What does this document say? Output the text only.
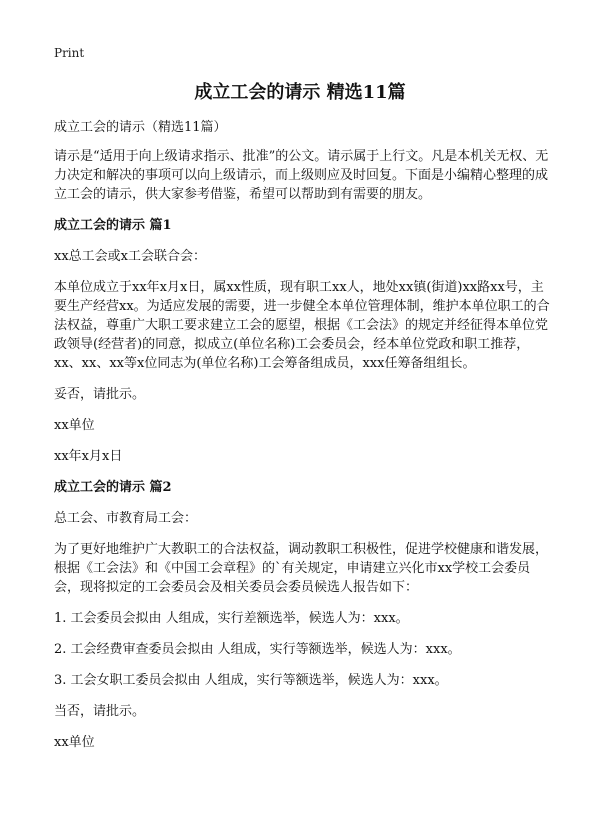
Print
成立工会的请示 精选11篇

成立工会的请示（精选11篇）

请示是“适用于向上级请求指示、批准”的公文。请示属于上行文。凡是本机关无权、无力决定和解决的事项可以向上级请示，而上级则应及时回复。下面是小编精心整理的成立工会的请示，供大家参考借鉴，希望可以帮助到有需要的朋友。

成立工会的请示 篇1

xx总工会或x工会联合会：

本单位成立于xx年x月x日，属xx性质，现有职工xx人，地处xx镇(街道)xx路xx号，主要生产经营xx。为适应发展的需要，进一步健全本单位管理体制，维护本单位职工的合法权益，尊重广大职工要求建立工会的愿望，根据《工会法》的规定并经征得本单位党政领导(经营者)的同意，拟成立(单位名称)工会委员会，经本单位党政和职工推荐，xx、xx、xx等x位同志为(单位名称)工会筹备组成员，xxx任筹备组组长。

妥否，请批示。

xx单位

xx年x月x日

成立工会的请示 篇2

总工会、市教育局工会：

为了更好地维护广大教职工的合法权益，调动教职工积极性，促进学校健康和谐发展，根据《工会法》和《中国工会章程》的`有关规定，申请建立兴化市xx学校工会委员会，现将拟定的工会委员会及相关委员会委员候选人报告如下：

1. 工会委员会拟由 人组成，实行差额选举，候选人为：xxx。

2. 工会经费审查委员会拟由 人组成，实行等额选举，候选人为：xxx。

3. 工会女职工委员会拟由 人组成，实行等额选举，候选人为：xxx。

当否，请批示。

xx单位
